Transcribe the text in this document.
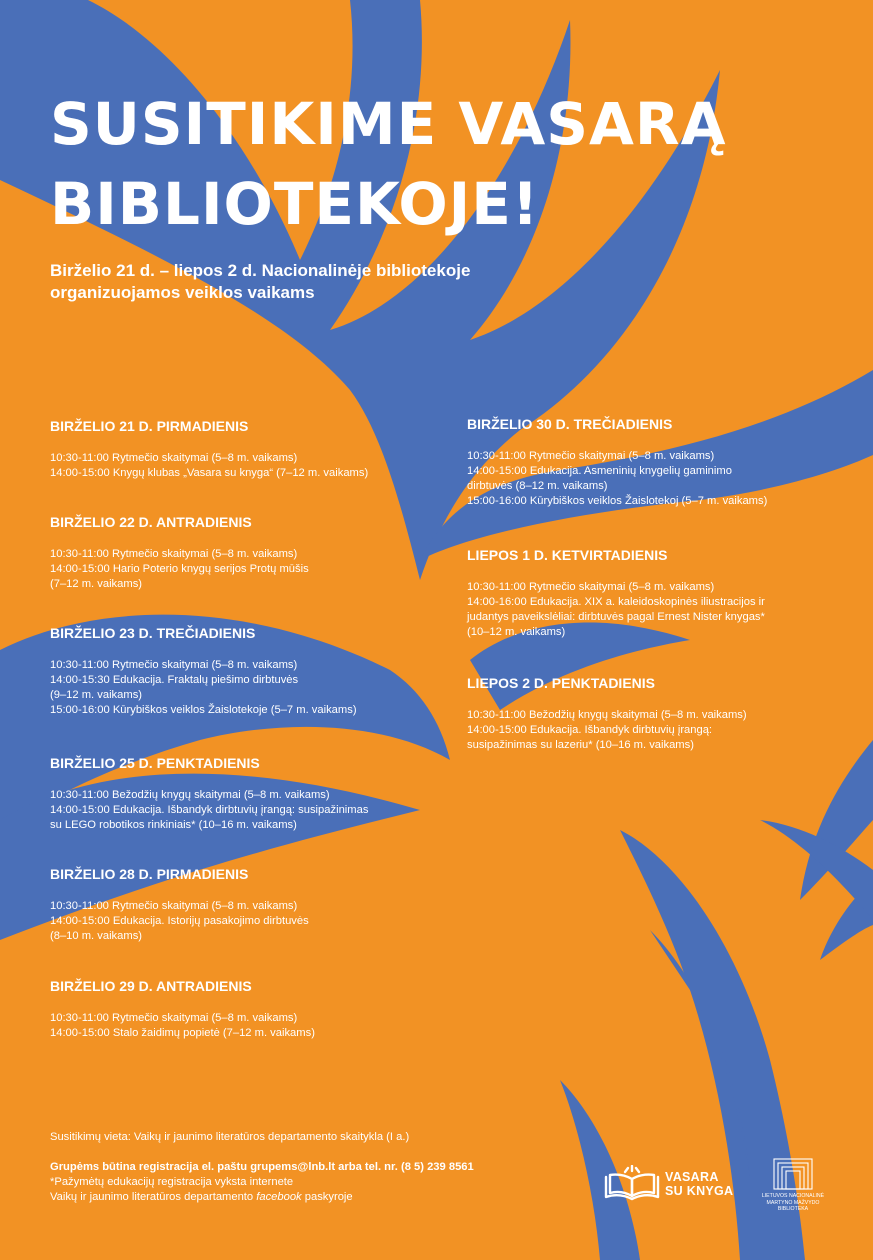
SUSITIKIME VASARĄ
BIBLIOTEKOJE!
Birželio 21 d. – liepos 2 d. Nacionalinėje bibliotekoje
organizuojamos veiklos vaikams
BIRŽELIO 21 D. PIRMADIENIS
10:30-11:00 Rytmečio skaitymai (5–8 m. vaikams)
14:00-15:00 Knygų klubas „Vasara su knyga“ (7–12 m. vaikams)
BIRŽELIO 22 D. ANTRADIENIS
10:30-11:00 Rytmečio skaitymai (5–8 m. vaikams)
14:00-15:00 Hario Poterio knygų serijos Protų mūšis
(7–12 m. vaikams)
BIRŽELIO 23 D. TREČIADIENIS
10:30-11:00 Rytmečio skaitymai (5–8 m. vaikams)
14:00-15:30 Edukacija. Fraktalų piešimo dirbtuvės
(9–12 m. vaikams)
15:00-16:00 Kūrybiškos veiklos Žaislotekoje (5–7 m. vaikams)
BIRŽELIO 25 D. PENKTADIENIS
10:30-11:00 Bežodžių knygų skaitymai (5–8 m. vaikams)
14:00-15:00 Edukacija. Išbandyk dirbtuvių įrangą: susipažinimas
su LEGO robotikos rinkiniais* (10–16 m. vaikams)
BIRŽELIO 28 D. PIRMADIENIS
10:30-11:00 Rytmečio skaitymai (5–8 m. vaikams)
14:00-15:00 Edukacija. Istorijų pasakojimo dirbtuvės
(8–10 m. vaikams)
BIRŽELIO 29 D. ANTRADIENIS
10:30-11:00 Rytmečio skaitymai (5–8 m. vaikams)
14:00-15:00 Stalo žaidimų popietė (7–12 m. vaikams)
BIRŽELIO 30 D. TREČIADIENIS
10:30-11:00 Rytmečio skaitymai (5–8 m. vaikams)
14:00-15:00 Edukacija. Asmeninių knygelių gaminimo
dirbtuvės (8–12 m. vaikams)
15:00-16:00 Kūrybiškos veiklos Žaislotekoj (5–7 m. vaikams)
LIEPOS 1 D. KETVIRTADIENIS
10:30-11:00 Rytmečio skaitymai (5–8 m. vaikams)
14:00-16:00 Edukacija. XIX a. kaleidoskopinės iliustracijos ir
judantys paveikslėliai: dirbtuvės pagal Ernest Nister knygas*
(10–12 m. vaikams)
LIEPOS 2 D. PENKTADIENIS
10:30-11:00 Bežodžių knygų skaitymai (5–8 m. vaikams)
14:00-15:00 Edukacija. Išbandyk dirbtuvių įrangą:
susipažinimas su lazeriu* (10–16 m. vaikams)
Susitikimų vieta: Vaikų ir jaunimo literatūros departamento skaitykla (I a.)
Grupėms būtina registracija el. paštu grupems@lnb.lt arba tel. nr. (8 5) 239 8561
*Pažymėtų edukacijų registracija vyksta internete
Vaikų ir jaunimo literatūros departamento facebook paskyroje
VASARA
SU KNYGA	LIETUVOS NACIONALINĖ
MARTYNO MAŽVYDO
BIBLIOTEKA
